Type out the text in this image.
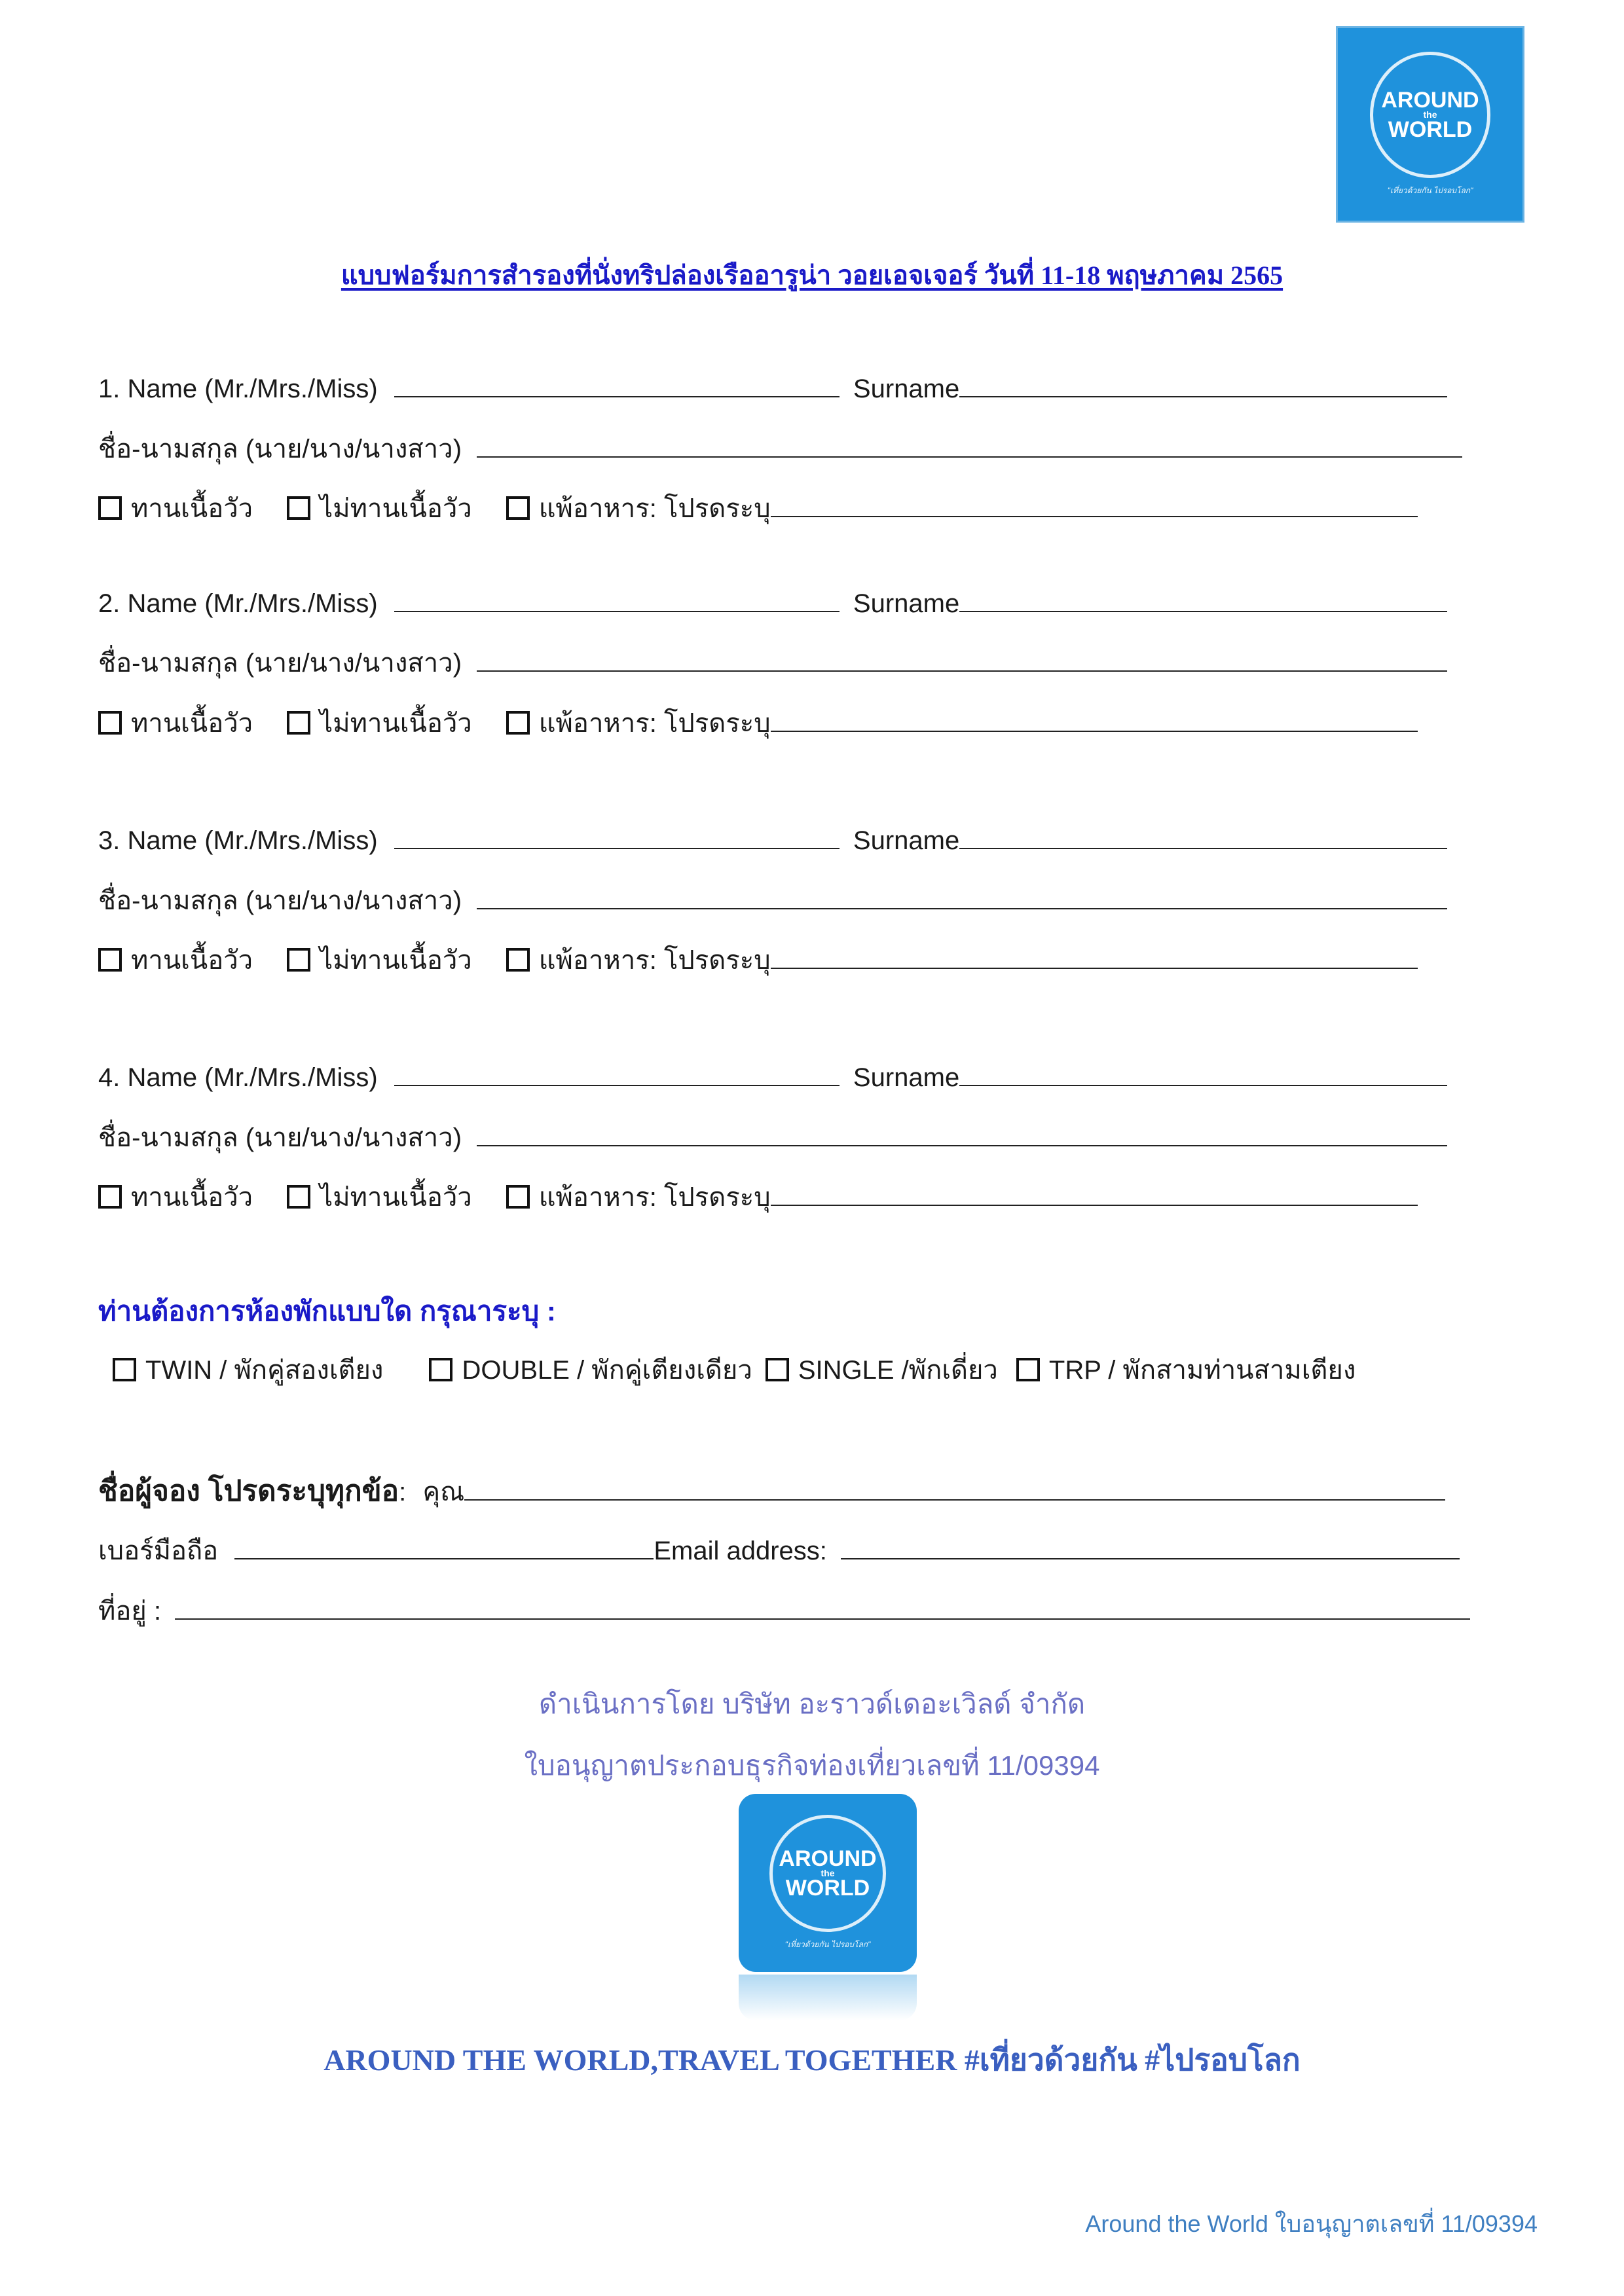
AROUND
the
WORLD
"เที่ยวด้วยกัน ไปรอบโลก"
แบบฟอร์มการสำรองที่นั่งทริปล่องเรืออารูน่า วอยเอจเจอร์ วันที่ 11-18 พฤษภาคม 2565
1. Name (Mr./Mrs./Miss)	Surname
ชื่อ-นามสกุล (นาย/นาง/นางสาว)
ทานเนื้อวัว	ไม่ทานเนื้อวัว	แพ้อาหาร: โปรดระบุ
2. Name (Mr./Mrs./Miss)	Surname
ชื่อ-นามสกุล (นาย/นาง/นางสาว)
ทานเนื้อวัว	ไม่ทานเนื้อวัว	แพ้อาหาร: โปรดระบุ
3. Name (Mr./Mrs./Miss)	Surname
ชื่อ-นามสกุล (นาย/นาง/นางสาว)
ทานเนื้อวัว	ไม่ทานเนื้อวัว	แพ้อาหาร: โปรดระบุ
4. Name (Mr./Mrs./Miss)	Surname
ชื่อ-นามสกุล (นาย/นาง/นางสาว)
ทานเนื้อวัว	ไม่ทานเนื้อวัว	แพ้อาหาร: โปรดระบุ
ท่านต้องการห้องพักแบบใด กรุณาระบุ :
TWIN / พักคู่สองเตียง	DOUBLE / พักคู่เตียงเดียว SINGLE /พักเดี่ยว TRP / พักสามท่านสามเตียง
ชื่อผู้จอง โปรดระบุทุกข้อ: คุณ
เบอร์มือถือ	Email address:
ที่อยู่ :
ดำเนินการโดย บริษัท อะราวด์เดอะเวิลด์ จำกัด
ใบอนุญาตประกอบธุรกิจท่องเที่ยวเลขที่ 11/09394
AROUND
the
WORLD
"เที่ยวด้วยกัน ไปรอบโลก"
AROUND THE WORLD,TRAVEL TOGETHER #เที่ยวด้วยกัน #ไปรอบโลก
Around the World ใบอนุญาตเลขที่ 11/09394
